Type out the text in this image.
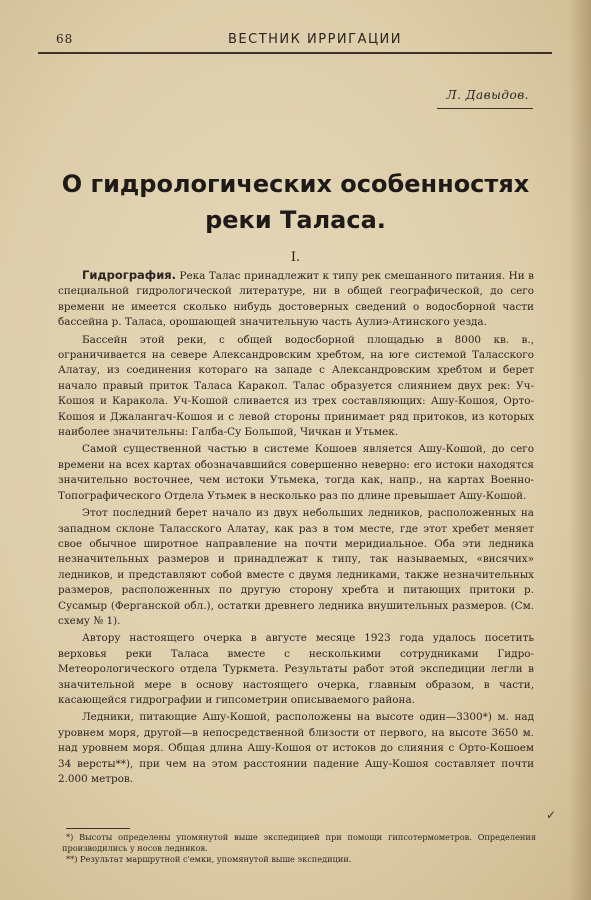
68	ВЕСТНИК ИРРИГАЦИИ
Л. Давыдов.
О гидрологических особенностях
реки Таласа.
I.

Гидрография. Река Талас принадлежит к типу рек смешанного питания. Ни в специальной гидрологической литературе, ни в общей географической, до сего времени не имеется сколько нибудь достоверных сведений о водосборной части бассейна р. Таласа, орошающей значительную часть Аулиэ-Атинского уезда.

Бассейн этой реки, с общей водосборной площадью в 8000 кв. в., ограничивается на севере Александровским хребтом, на юге системой Таласского Алатау, из соединения котораго на западе с Александровским хребтом и берет начало правый приток Таласа Каракол. Талас образуется слиянием двух рек: Уч-Кошоя и Каракола. Уч-Кошой сливается из трех составляющих: Ашу-Кошоя, Орто-Кошоя и Джалангач-Кошоя и с левой стороны принимает ряд притоков, из которых наиболее значительны: Галба-Су Большой, Чичкан и Утьмек.

Самой существенной частью в системе Кошоев является Ашу-Кошой, до сего времени на всех картах обозначавшийся совершенно неверно: его истоки находятся значительно восточнее, чем истоки Утьмека, тогда как, напр., на картах Военно-Топографического Отдела Утьмек в несколько раз по длине превышает Ашу-Кошой.

Этот последний берет начало из двух небольших ледников, расположенных на западном склоне Таласского Алатау, как раз в том месте, где этот хребет меняет свое обычное широтное направление на почти меридиальное. Оба эти ледника незначительных размеров и принадлежат к типу, так называемых, «висячих» ледников, и представляют собой вместе с двумя ледниками, также незначительных размеров, расположенных по другую сторону хребта и питающих притоки р. Сусамыр (Ферганской обл.), остатки древнего ледника внушительных размеров. (См. схему № 1).

Автору настоящего очерка в августе месяце 1923 года удалось посетить верховья реки Таласа вместе с несколькими сотрудниками Гидро-Метеорологического отдела Туркмета. Результаты работ этой экспедиции легли в значительной мере в основу настоящего очерка, главным образом, в части, касающейся гидрографии и гипсометрии описываемого района.

Ледники, питающие Ашу-Кошой, расположены на высоте один—3300*) м. над уровнем моря, другой—в непосредственной близости от первого, на высоте 3650 м. над уровнем моря. Общая длина Ашу-Кошоя от истоков до слияния с Орто-Кошоем 34 версты**), при чем на этом расстоянии падение Ашу-Кошоя составляет почти 2.000 метров.

✓
*) Высоты определены упомянутой выше экспедицией при помощи гипсотермометров. Определения производились у носов ледников.
**) Результат маршрутной с'емки, упомянутой выше экспедиции.
